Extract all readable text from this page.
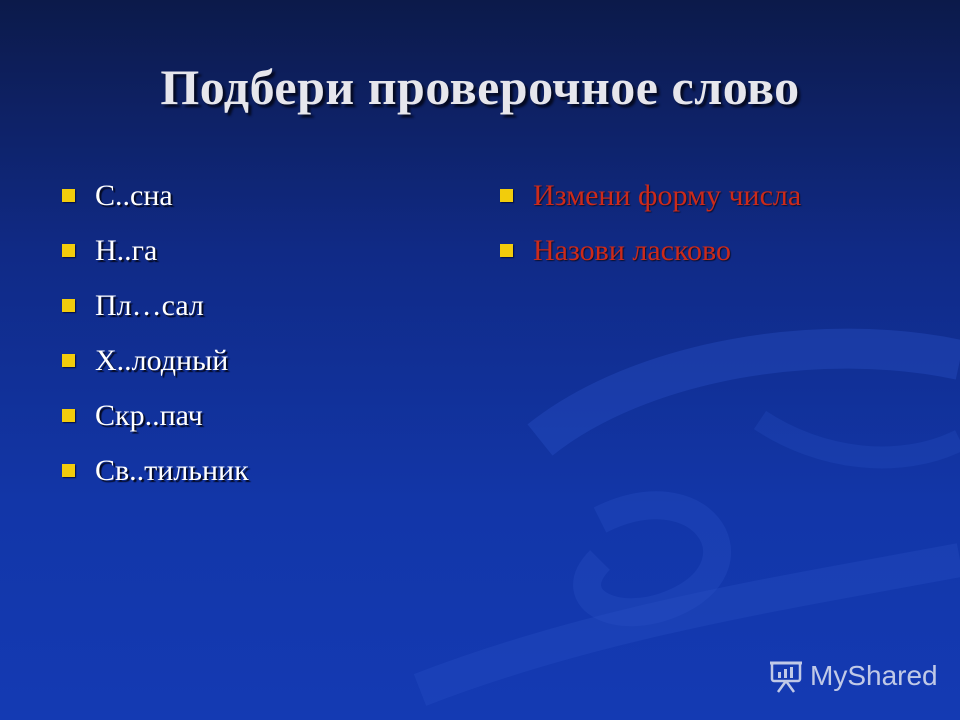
Подбери проверочное слово
С..сна
Н..га
Пл…сал
Х..лодный
Скр..пач
Св..тильник
Измени форму числа
Назови ласково
MyShared
